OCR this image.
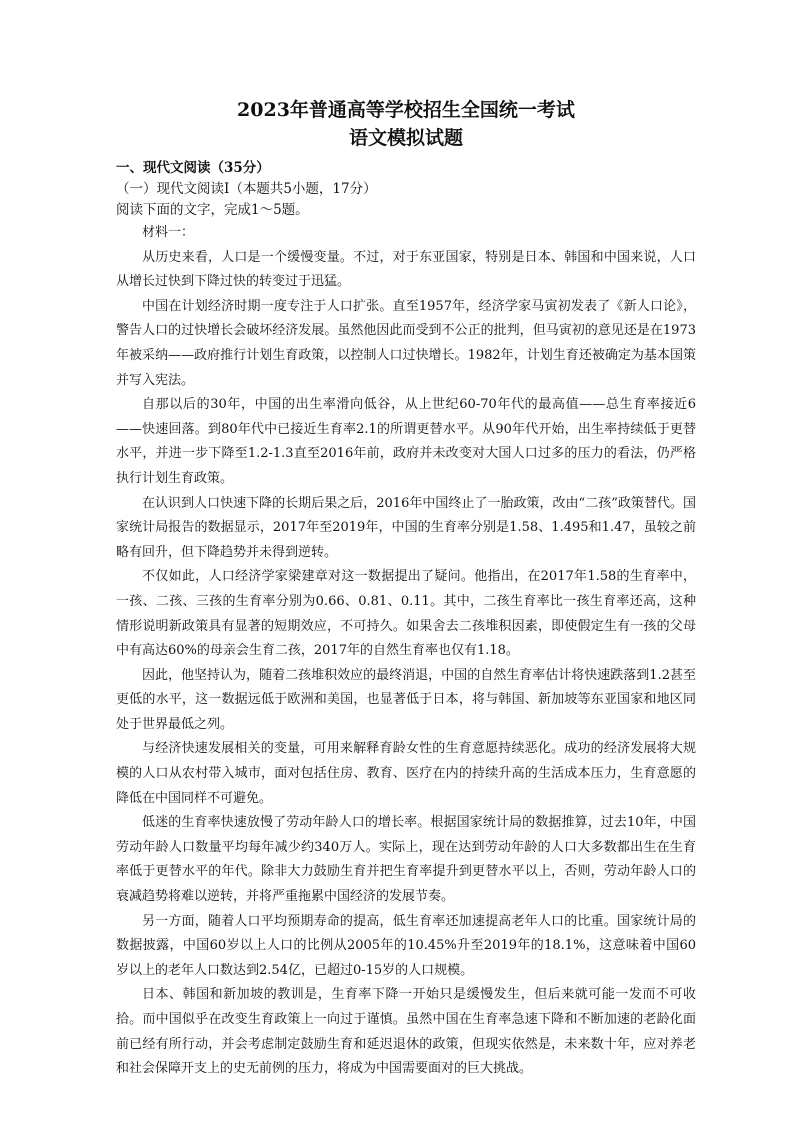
2023年普通高等学校招生全国统一考试

语文模拟试题

一、现代文阅读（35分）

（一）现代文阅读Ⅰ（本题共5小题，17分）

阅读下面的文字，完成1～5题。

材料一：

从历史来看，人口是一个缓慢变量。不过，对于东亚国家，特别是日本、韩国和中国来说，人口从增长过快到下降过快的转变过于迅猛。

中国在计划经济时期一度专注于人口扩张。直至1957年，经济学家马寅初发表了《新人口论》，警告人口的过快增长会破坏经济发展。虽然他因此而受到不公正的批判，但马寅初的意见还是在1973年被采纳——政府推行计划生育政策，以控制人口过快增长。1982年，计划生育还被确定为基本国策并写入宪法。

自那以后的30年，中国的出生率滑向低谷，从上世纪60-70年代的最高值——总生育率接近6——快速回落。到80年代中已接近生育率2.1的所谓更替水平。从90年代开始，出生率持续低于更替水平，并进一步下降至1.2-1.3直至2016年前，政府并未改变对大国人口过多的压力的看法，仍严格执行计划生育政策。

在认识到人口快速下降的长期后果之后，2016年中国终止了一胎政策，改由“二孩”政策替代。国家统计局报告的数据显示，2017年至2019年，中国的生育率分别是1.58、1.495和1.47，虽较之前略有回升，但下降趋势并未得到逆转。

不仅如此，人口经济学家梁建章对这一数据提出了疑问。他指出，在2017年1.58的生育率中，一孩、二孩、三孩的生育率分别为0.66、0.81、0.11。其中，二孩生育率比一孩生育率还高，这种情形说明新政策具有显著的短期效应，不可持久。如果舍去二孩堆积因素，即使假定生有一孩的父母中有高达60%的母亲会生育二孩，2017年的自然生育率也仅有1.18。

因此，他坚持认为，随着二孩堆积效应的最终消退，中国的自然生育率估计将快速跌落到1.2甚至更低的水平，这一数据远低于欧洲和美国，也显著低于日本，将与韩国、新加坡等东亚国家和地区同处于世界最低之列。

与经济快速发展相关的变量，可用来解释育龄女性的生育意愿持续恶化。成功的经济发展将大规模的人口从农村带入城市，面对包括住房、教育、医疗在内的持续升高的生活成本压力，生育意愿的降低在中国同样不可避免。

低迷的生育率快速放慢了劳动年龄人口的增长率。根据国家统计局的数据推算，过去10年，中国劳动年龄人口数量平均每年减少约340万人。实际上，现在达到劳动年龄的人口大多数都出生在生育率低于更替水平的年代。除非大力鼓励生育并把生育率提升到更替水平以上，否则，劳动年龄人口的衰减趋势将难以逆转，并将严重拖累中国经济的发展节奏。

另一方面，随着人口平均预期寿命的提高，低生育率还加速提高老年人口的比重。国家统计局的数据披露，中国60岁以上人口的比例从2005年的10.45%升至2019年的18.1%，这意味着中国60岁以上的老年人口数达到2.54亿，已超过0-15岁的人口规模。

日本、韩国和新加坡的教训是，生育率下降一开始只是缓慢发生，但后来就可能一发而不可收拾。而中国似乎在改变生育政策上一向过于谨慎。虽然中国在生育率急速下降和不断加速的老龄化面前已经有所行动，并会考虑制定鼓励生育和延迟退休的政策，但现实依然是，未来数十年，应对养老和社会保障开支上的史无前例的压力，将成为中国需要面对的巨大挑战。
